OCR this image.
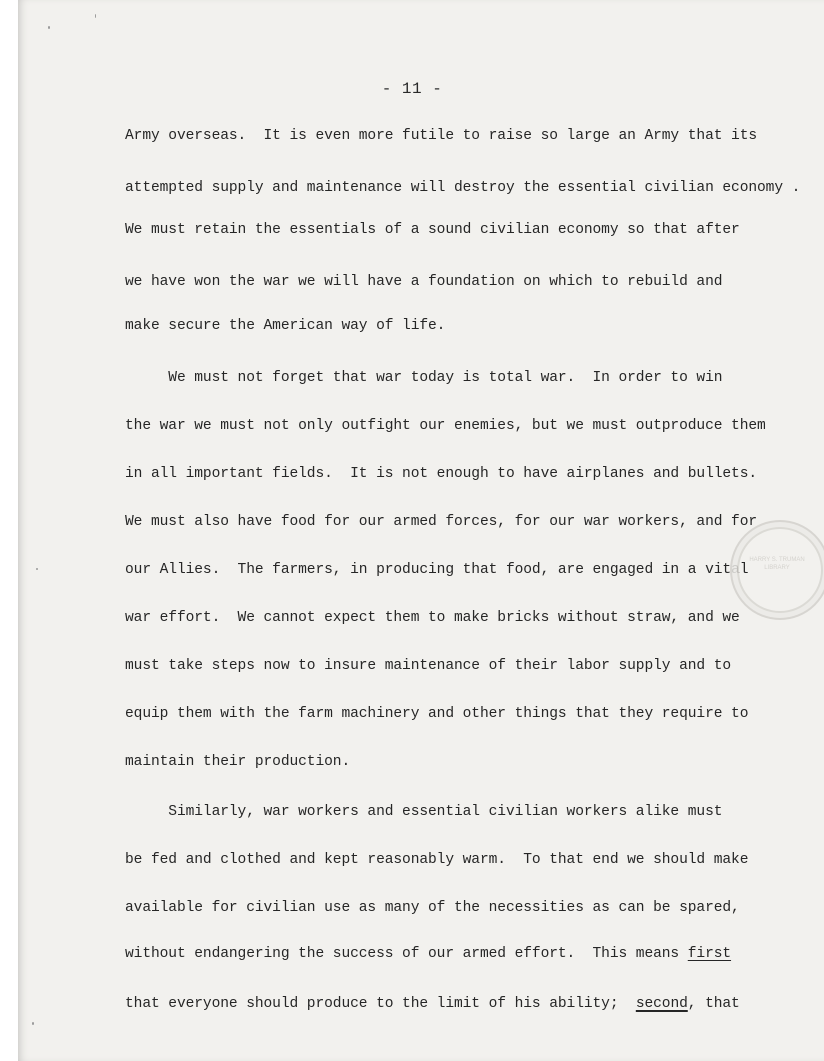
- 11 -
Army overseas.  It is even more futile to raise so large an Army that its
attempted supply and maintenance will destroy the essential civilian economy .
We must retain the essentials of a sound civilian economy so that after
we have won the war we will have a foundation on which to rebuild and
make secure the American way of life.
We must not forget that war today is total war.  In order to win
the war we must not only outfight our enemies, but we must outproduce them
in all important fields.  It is not enough to have airplanes and bullets.
We must also have food for our armed forces, for our war workers, and for
our Allies.  The farmers, in producing that food, are engaged in a vital
war effort.  We cannot expect them to make bricks without straw, and we
must take steps now to insure maintenance of their labor supply and to
equip them with the farm machinery and other things that they require to
maintain their production.
Similarly, war workers and essential civilian workers alike must
be fed and clothed and kept reasonably warm.  To that end we should make
available for civilian use as many of the necessities as can be spared,
without endangering the success of our armed effort.  This means first
that everyone should produce to the limit of his ability;  second, that
HARRY S. TRUMAN LIBRARY
